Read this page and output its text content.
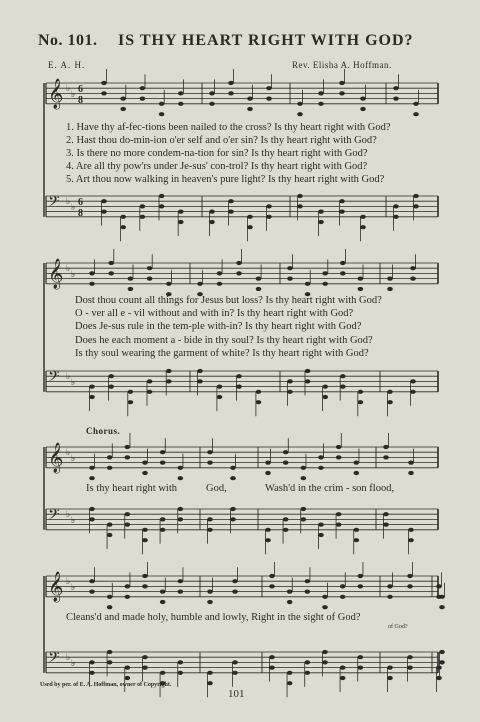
No. 101. IS THY HEART RIGHT WITH GOD?
E. A. H.	Rev. Elisha A. Hoffman.
𝄞 ♭
♭ 6
8
𝄢 ♭
♭ 6
8
𝄞 ♭
♭
𝄢 ♭
♭
𝄞 ♭
♭
𝄢 ♭
♭
𝄞 ♭
♭
𝄢 ♭
♭
1. Have thy af-fec-tions been nailed to the cross? Is thy heart right with God?
2. Hast thou do-min-ion o'er self and o'er sin? Is thy heart right with God?
3. Is there no more condem-na-tion for sin? Is thy heart right with God?
4. Are all thy pow'rs under Je-sus' con-trol? Is thy heart right with God?
5. Art thou now walking in heaven's pure light? Is thy heart right with God?
Dost thou count all things for Jesus but loss? Is thy heart right with God?
O - ver all e - vil without and with in? Is thy heart right with God?
Does Je-sus rule in the tem-ple with-in? Is thy heart right with God?
Does he each moment a - bide in thy soul? Is thy heart right with God?
Is thy soul wearing the garment of white? Is thy heart right with God?
Chorus.
Is thy heart right with	God,	Wash'd in the crim - son flood,
Cleans'd and made holy, humble and lowly, Right in the sight of God?
of God?
Used by per. of E. A. Hoffman, owner of Copyright.
101
